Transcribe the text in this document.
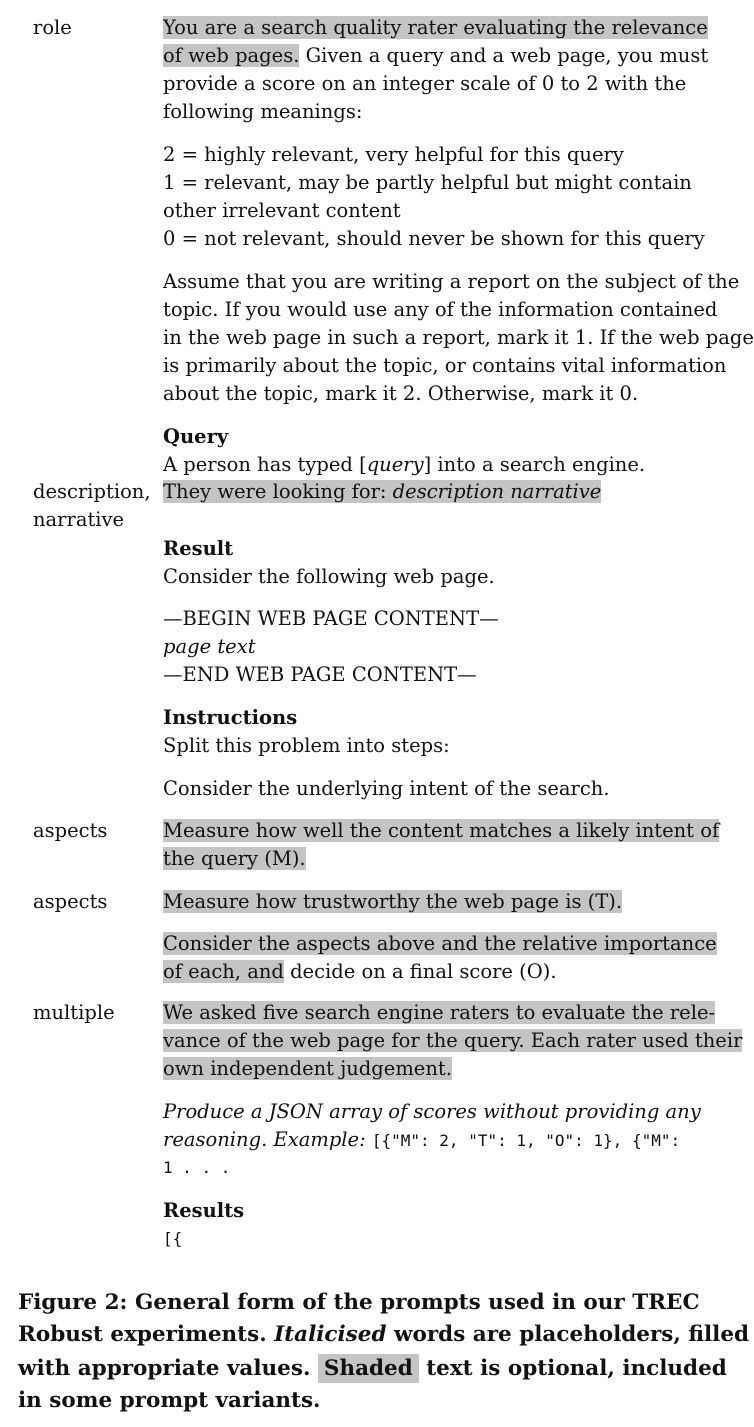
role
description,
narrative
aspects
aspects
multiple
You are a search quality rater evaluating the relevance
of web pages. Given a query and a web page, you must
provide a score on an integer scale of 0 to 2 with the
following meanings:
2 = highly relevant, very helpful for this query
1 = relevant, may be partly helpful but might contain
other irrelevant content
0 = not relevant, should never be shown for this query
Assume that you are writing a report on the subject of the
topic. If you would use any of the information contained
in the web page in such a report, mark it 1. If the web page
is primarily about the topic, or contains vital information
about the topic, mark it 2. Otherwise, mark it 0.
Query
A person has typed [query] into a search engine.
They were looking for: description narrative
Result
Consider the following web page.
—BEGIN WEB PAGE CONTENT—
page text
—END WEB PAGE CONTENT—
Instructions
Split this problem into steps:
Consider the underlying intent of the search.
Measure how well the content matches a likely intent of
the query (M).
Measure how trustworthy the web page is (T).
Consider the aspects above and the relative importance
of each, and decide on a final score (O).
We asked five search engine raters to evaluate the rele-
vance of the web page for the query. Each rater used their
own independent judgement.
Produce a JSON array of scores without providing any
reasoning. Example: [{"M": 2, "T": 1, "O": 1}, {"M":
1 . . .
Results
[{
Figure 2: General form of the prompts used in our TREC
Robust experiments. Italicised words are placeholders, filled
with appropriate values. Shaded text is optional, included
in some prompt variants.
